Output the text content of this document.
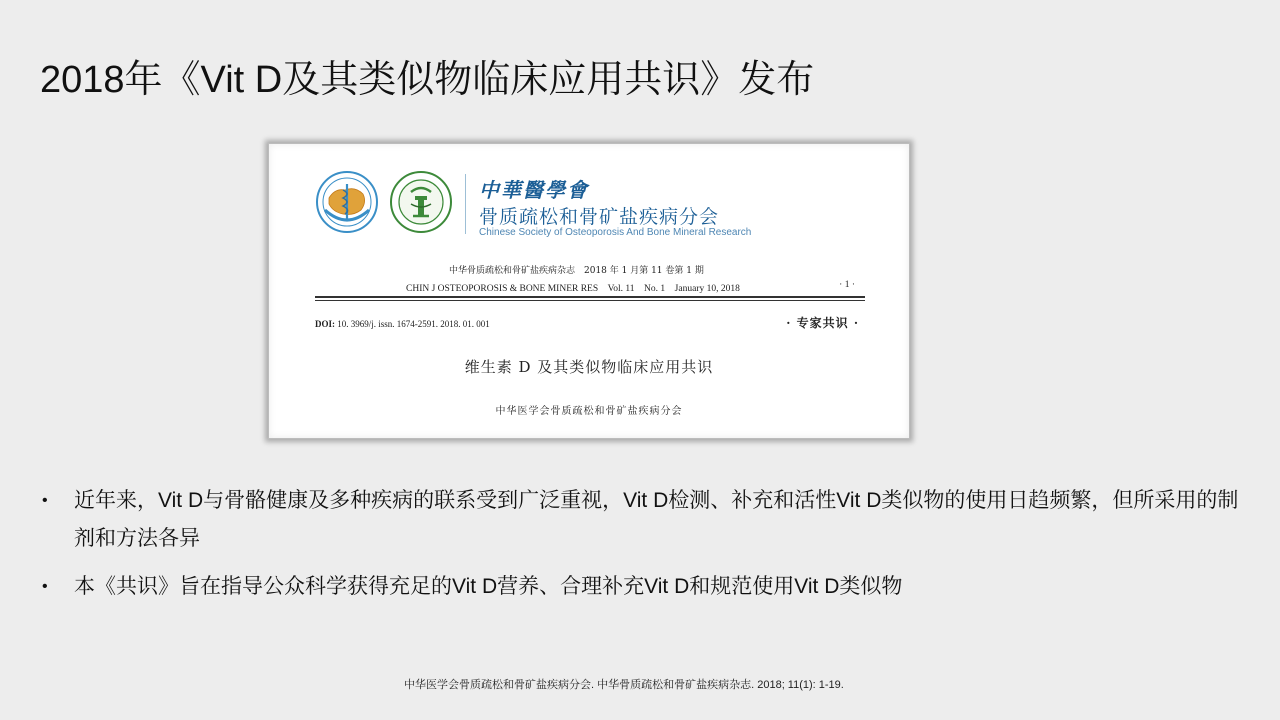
2018年《Vit D及其类似物临床应用共识》发布
中華醫學會
骨质疏松和骨矿盐疾病分会
Chinese Society of Osteoporosis And Bone Mineral Research
中华骨质疏松和骨矿盐疾病杂志　2018 年 1 月第 11 卷第 1 期
CHIN J OSTEOPOROSIS & BONE MINER RES　Vol. 11　No. 1　January 10, 2018	· 1 ·
DOI: 10. 3969/j. issn. 1674-2591. 2018. 01. 001	· 专家共识 ·
维生素 D 及其类似物临床应用共识
中华医学会骨质疏松和骨矿盐疾病分会
• 近年来，Vit D与骨骼健康及多种疾病的联系受到广泛重视，Vit D检测、补充和活性Vit D类似物的使用日趋频繁，但所采用的制剂和方法各异
• 本《共识》旨在指导公众科学获得充足的Vit D营养、合理补充Vit D和规范使用Vit D类似物
中华医学会骨质疏松和骨矿盐疾病分会. 中华骨质疏松和骨矿盐疾病杂志. 2018; 11(1): 1-19.
